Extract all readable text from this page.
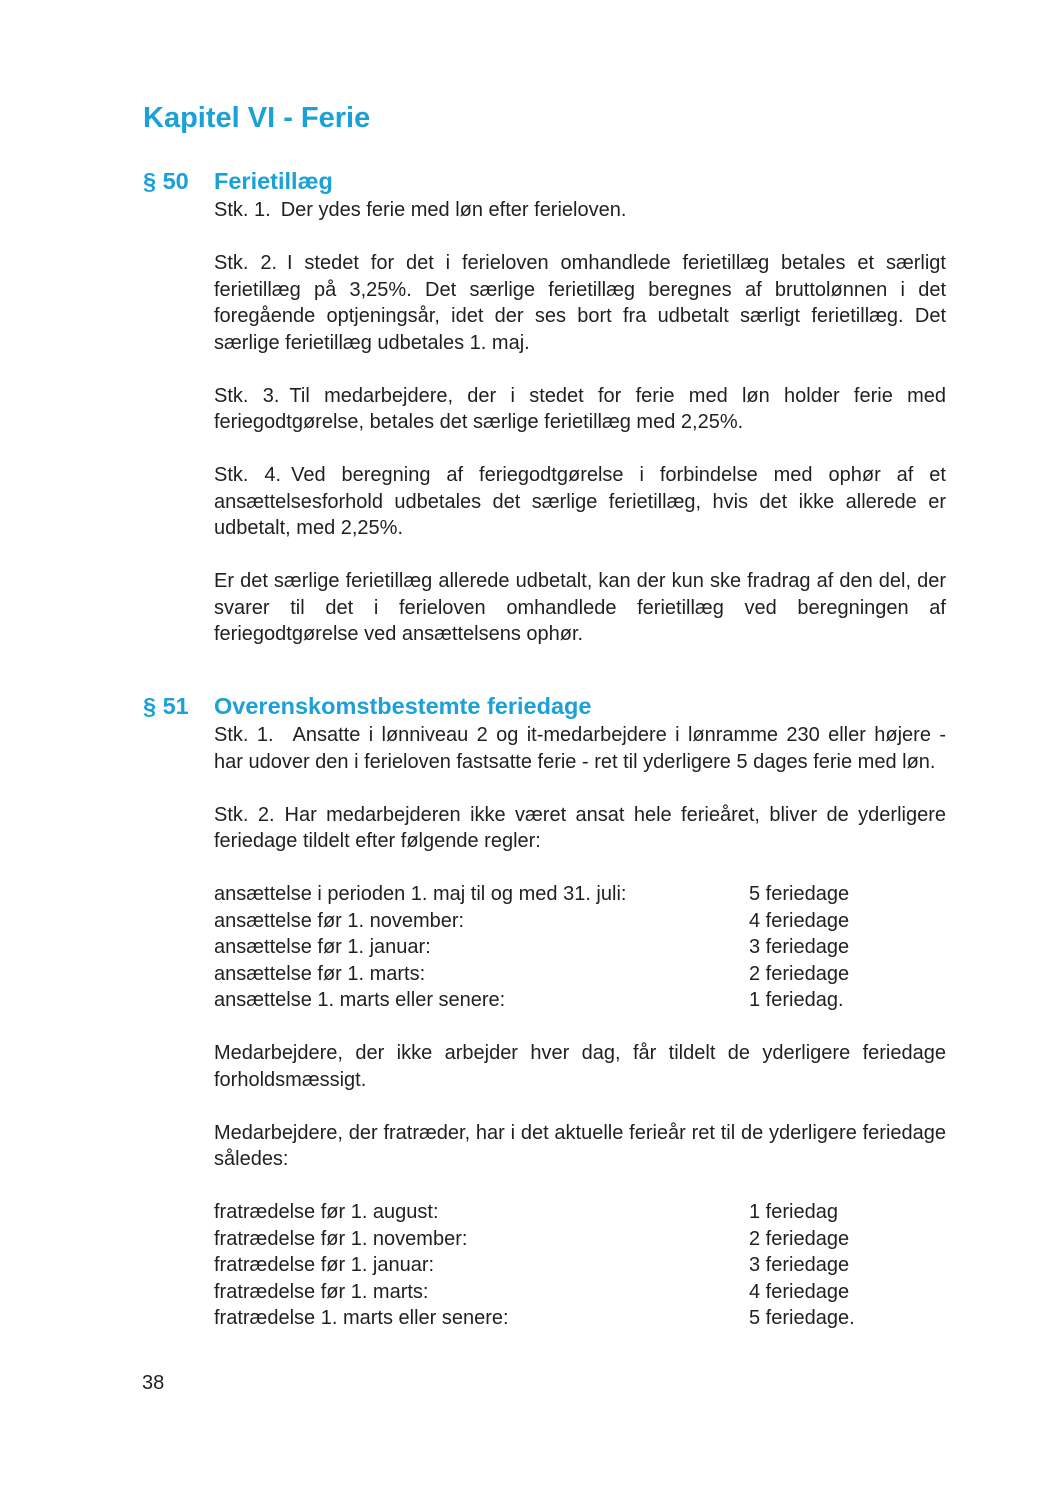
Kapitel VI - Ferie
§ 50 Ferietillæg

Stk. 1. Der ydes ferie med løn efter ferieloven.

Stk. 2. I stedet for det i ferieloven omhandlede ferietillæg betales et særligt ferietillæg på 3,25%. Det særlige ferietillæg beregnes af bruttolønnen i det foregående optjeningsår, idet der ses bort fra udbetalt særligt ferietillæg. Det særlige ferietillæg udbetales 1. maj.

Stk. 3. Til medarbejdere, der i stedet for ferie med løn holder ferie med feriegodtgørelse, betales det særlige ferietillæg med 2,25%.

Stk. 4. Ved beregning af feriegodtgørelse i forbindelse med ophør af et ansættelsesforhold udbetales det særlige ferietillæg, hvis det ikke allerede er udbetalt, med 2,25%.

Er det særlige ferietillæg allerede udbetalt, kan der kun ske fradrag af den del, der svarer til det i ferieloven omhandlede ferietillæg ved beregningen af feriegodtgørelse ved ansættelsens ophør.

§ 51 Overenskomstbestemte feriedage

Stk. 1. Ansatte i lønniveau 2 og it-medarbejdere i lønramme 230 eller højere - har udover den i ferieloven fastsatte ferie - ret til yderligere 5 dages ferie med løn.

Stk. 2. Har medarbejderen ikke været ansat hele ferieåret, bliver de yderligere feriedage tildelt efter følgende regler:

ansættelse i perioden 1. maj til og med 31. juli:	5 feriedage
ansættelse før 1. november:	4 feriedage
ansættelse før 1. januar:	3 feriedage
ansættelse før 1. marts:	2 feriedage
ansættelse 1. marts eller senere:	1 feriedag.

Medarbejdere, der ikke arbejder hver dag, får tildelt de yderligere feriedage forholdsmæssigt.

Medarbejdere, der fratræder, har i det aktuelle ferieår ret til de yderligere feriedage således:

fratrædelse før 1. august:	1 feriedag
fratrædelse før 1. november:	2 feriedage
fratrædelse før 1. januar:	3 feriedage
fratrædelse før 1. marts:	4 feriedage
fratrædelse 1. marts eller senere:	5 feriedage.
38
